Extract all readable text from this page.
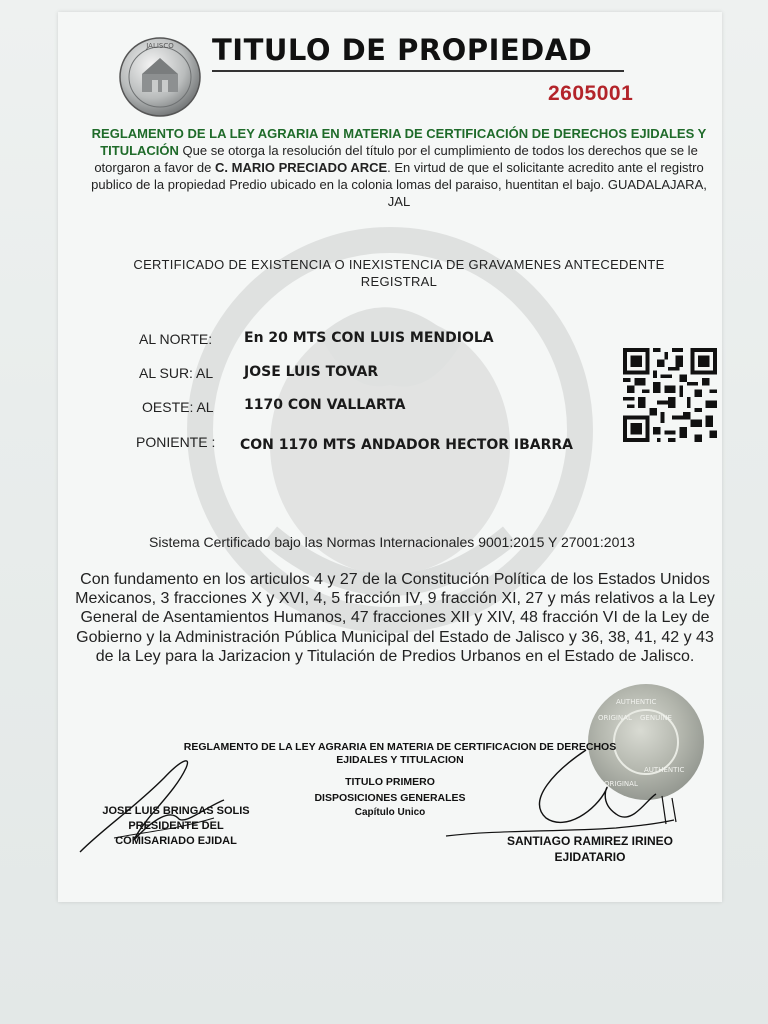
JALISCO TITULO DE PROPIEDAD
2605001
REGLAMENTO DE LA LEY AGRARIA EN MATERIA DE CERTIFICACIÓN DE DERECHOS EJIDALES Y TITULACIÓN Que se otorga la resolución del título por el cumplimiento de todos los derechos que se le otorgaron a favor de C. MARIO PRECIADO ARCE. En virtud de que el solicitante acredito ante el registro publico de la propiedad Predio ubicado en la colonia lomas del paraiso, huentitan el bajo. GUADALAJARA, JAL
CERTIFICADO DE EXISTENCIA O INEXISTENCIA DE GRAVAMENES ANTECEDENTE REGISTRAL
AL NORTE: En 20 MTS CON LUIS MENDIOLA
AL SUR: AL JOSE LUIS TOVAR
OESTE: AL 1170 CON VALLARTA
PONIENTE : CON 1170 MTS ANDADOR HECTOR IBARRA
Sistema Certificado bajo las Normas Internacionales 9001:2015 Y 27001:2013
Con fundamento en los articulos 4 y 27 de la Constitución Política de los Estados Unidos Mexicanos, 3 fracciones X y XVI, 4, 5 fracción IV, 9 fracción XI, 27 y más relativos a la Ley General de Asentamientos Humanos, 47 fracciones XII y XIV, 48 fracción VI de la Ley de Gobierno y la Administración Pública Municipal del Estado de Jalisco y 36, 38, 41, 42 y 43 de la Ley para la Jarizacion y Titulación de Predios Urbanos en el Estado de Jalisco.
AUTHENTIC
ORIGINAL GENUINE
AUTHENTIC
ORIGINAL
REGLAMENTO DE LA LEY AGRARIA EN MATERIA DE CERTIFICACION DE DERECHOS EJIDALES Y TITULACION
TITULO PRIMERO
DISPOSICIONES GENERALES
Capítulo Unico
JOSE LUIS BRINGAS SOLIS
PRESIDENTE DEL
COMISARIADO EJIDAL	SANTIAGO RAMIREZ IRINEO
EJIDATARIO
